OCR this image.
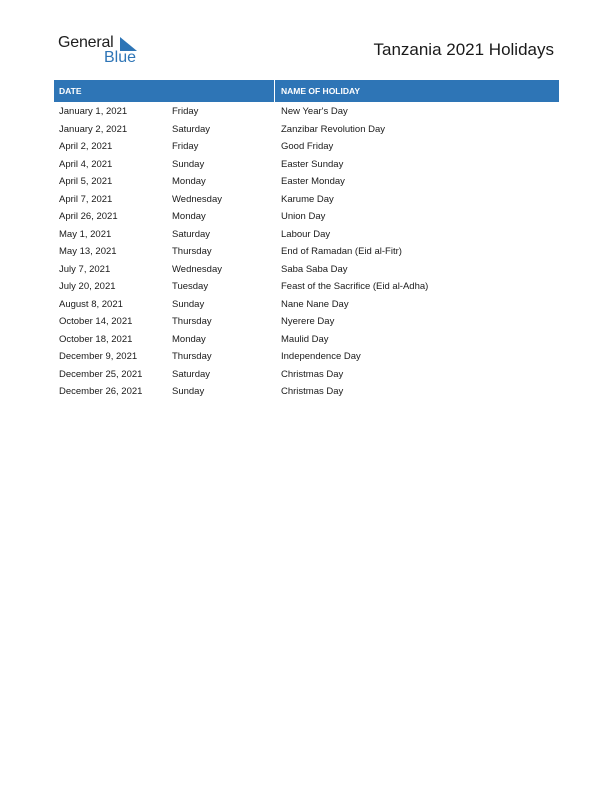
General
Blue	Tanzania 2021 Holidays
DATE	NAME OF HOLIDAY
January 1, 2021	Friday	New Year's Day
January 2, 2021	Saturday	Zanzibar Revolution Day
April 2, 2021	Friday	Good Friday
April 4, 2021	Sunday	Easter Sunday
April 5, 2021	Monday	Easter Monday
April 7, 2021	Wednesday	Karume Day
April 26, 2021	Monday	Union Day
May 1, 2021	Saturday	Labour Day
May 13, 2021	Thursday	End of Ramadan (Eid al-Fitr)
July 7, 2021	Wednesday	Saba Saba Day
July 20, 2021	Tuesday	Feast of the Sacrifice (Eid al-Adha)
August 8, 2021	Sunday	Nane Nane Day
October 14, 2021	Thursday	Nyerere Day
October 18, 2021	Monday	Maulid Day
December 9, 2021	Thursday	Independence Day
December 25, 2021	Saturday	Christmas Day
December 26, 2021	Sunday	Christmas Day
